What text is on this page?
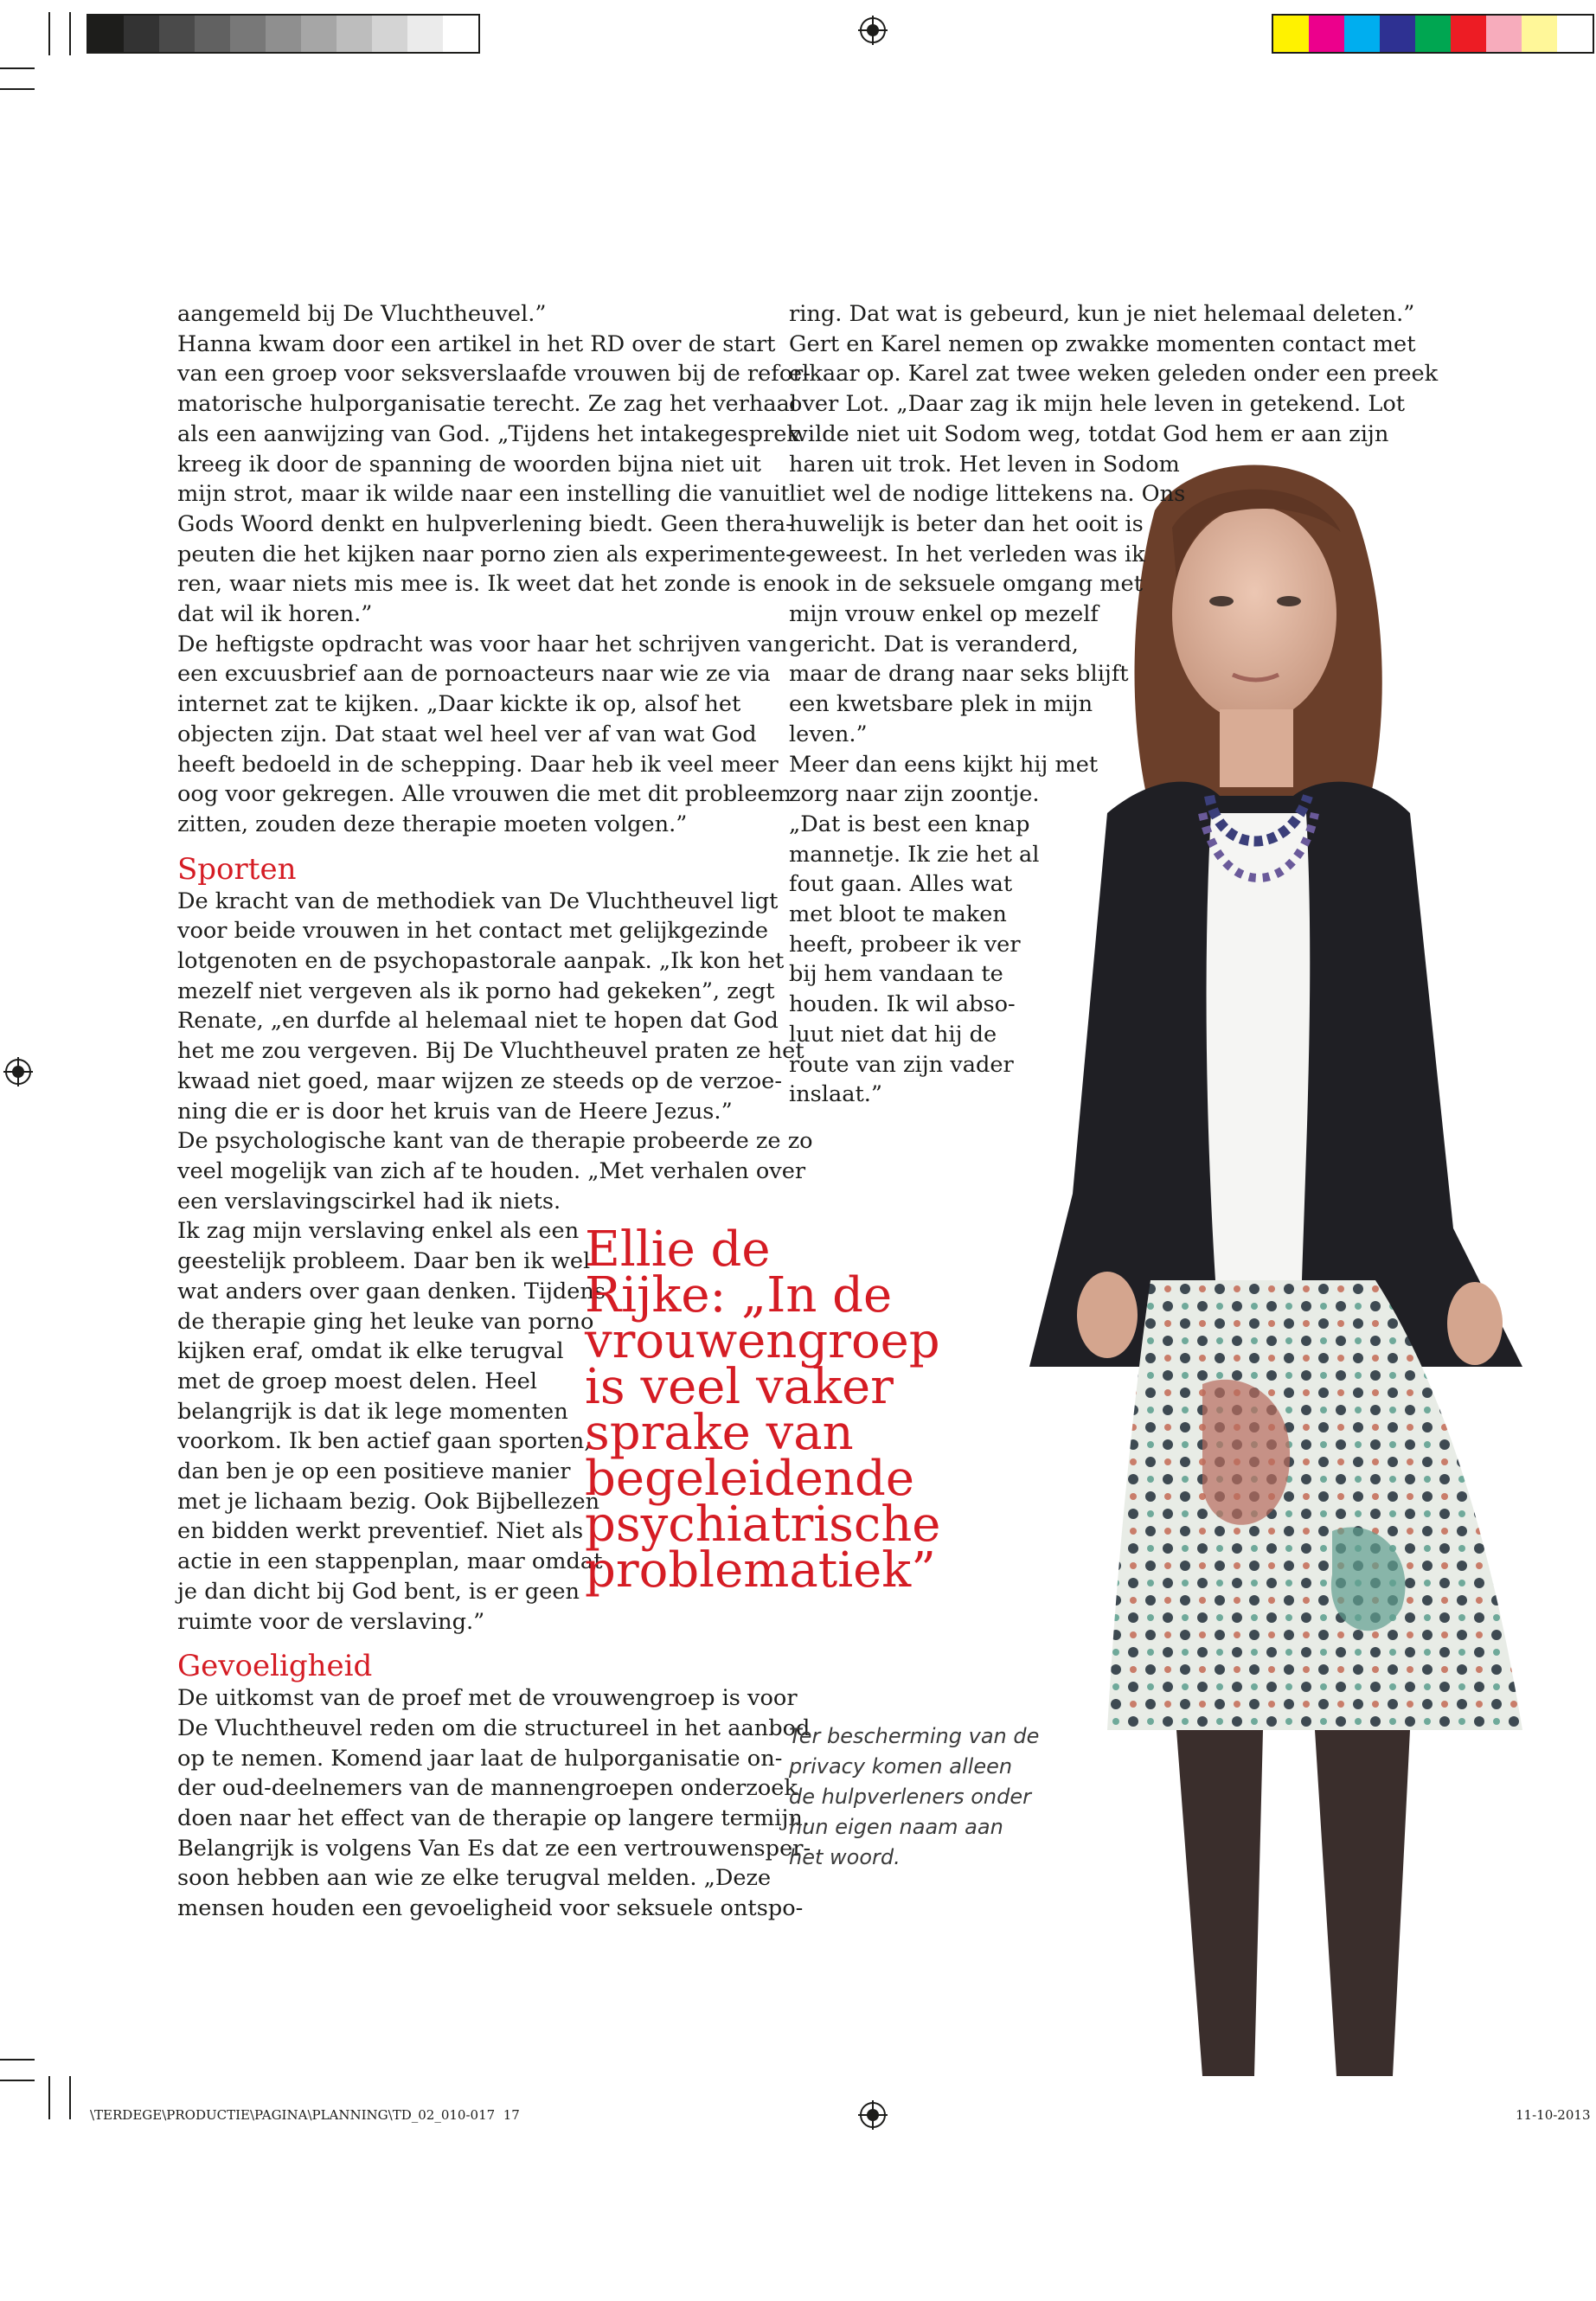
aangemeld bij De Vluchtheuvel.”

Hanna kwam door een artikel in het RD over de start

van een groep voor seksverslaafde vrouwen bij de refor-

matorische hulporganisatie terecht. Ze zag het verhaal

als een aanwijzing van God. „Tijdens het intakegesprek

kreeg ik door de spanning de woorden bijna niet uit

mijn strot, maar ik wilde naar een instelling die vanuit

Gods Woord denkt en hulpverlening biedt. Geen thera-

peuten die het kijken naar porno zien als experimente-

ren, waar niets mis mee is. Ik weet dat het zonde is en

dat wil ik horen.”

De heftigste opdracht was voor haar het schrijven van

een excuusbrief aan de pornoacteurs naar wie ze via

internet zat te kijken. „Daar kickte ik op, alsof het

objecten zijn. Dat staat wel heel ver af van wat God

heeft bedoeld in de schepping. Daar heb ik veel meer

oog voor gekregen. Alle vrouwen die met dit probleem

zitten, zouden deze therapie moeten volgen.”

Sporten

De kracht van de methodiek van De Vluchtheuvel ligt

voor beide vrouwen in het contact met gelijkgezinde

lotgenoten en de psychopastorale aanpak. „Ik kon het

mezelf niet vergeven als ik porno had gekeken”, zegt

Renate, „en durfde al helemaal niet te hopen dat God

het me zou vergeven. Bij De Vluchtheuvel praten ze het

kwaad niet goed, maar wijzen ze steeds op de verzoe-

ning die er is door het kruis van de Heere Jezus.”

De psychologische kant van de therapie probeerde ze zo

veel mogelijk van zich af te houden. „Met verhalen over

een verslavingscirkel had ik niets.

Ik zag mijn verslaving enkel als een

geestelijk probleem. Daar ben ik wel

wat anders over gaan denken. Tijdens

de therapie ging het leuke van porno

kijken eraf, omdat ik elke terugval

met de groep moest delen. Heel

belangrijk is dat ik lege momenten

voorkom. Ik ben actief gaan sporten,

dan ben je op een positieve manier

met je lichaam bezig. Ook Bijbellezen

en bidden werkt preventief. Niet als

actie in een stappenplan, maar omdat

je dan dicht bij God bent, is er geen

ruimte voor de verslaving.”

Gevoeligheid

De uitkomst van de proef met de vrouwengroep is voor

De Vluchtheuvel reden om die structureel in het aanbod

op te nemen. Komend jaar laat de hulporganisatie on-

der oud-deelnemers van de mannengroepen onderzoek

doen naar het effect van de therapie op langere termijn.

Belangrijk is volgens Van Es dat ze een vertrouwensper-

soon hebben aan wie ze elke terugval melden. „Deze

mensen houden een gevoeligheid voor seksuele ontspo-

ring. Dat wat is gebeurd, kun je niet helemaal deleten.”

Gert en Karel nemen op zwakke momenten contact met

elkaar op. Karel zat twee weken geleden onder een preek

over Lot. „Daar zag ik mijn hele leven in getekend. Lot

wilde niet uit Sodom weg, totdat God hem er aan zijn

haren uit trok. Het leven in Sodom

liet wel de nodige littekens na. Ons

huwelijk is beter dan het ooit is

geweest. In het verleden was ik

ook in de seksuele omgang met

mijn vrouw enkel op mezelf

gericht. Dat is veranderd,

maar de drang naar seks blijft

een kwetsbare plek in mijn

leven.”

Meer dan eens kijkt hij met

zorg naar zijn zoontje.

„Dat is best een knap

mannetje. Ik zie het al

fout gaan. Alles wat

met bloot te maken

heeft, probeer ik ver

bij hem vandaan te

houden. Ik wil abso-

luut niet dat hij de

route van zijn vader

inslaat.”

Ellie de

Rijke: „In de

vrouwengroep

is veel vaker

sprake van

begeleidende

psychiatrische

problematiek”

Ter bescherming van de

privacy komen alleen

de hulpverleners onder

hun eigen naam aan

het woord.

\TERDEGE\PRODUCTIE\PAGINA\PLANNING\TD_02_010-017 17	11-10-2013
